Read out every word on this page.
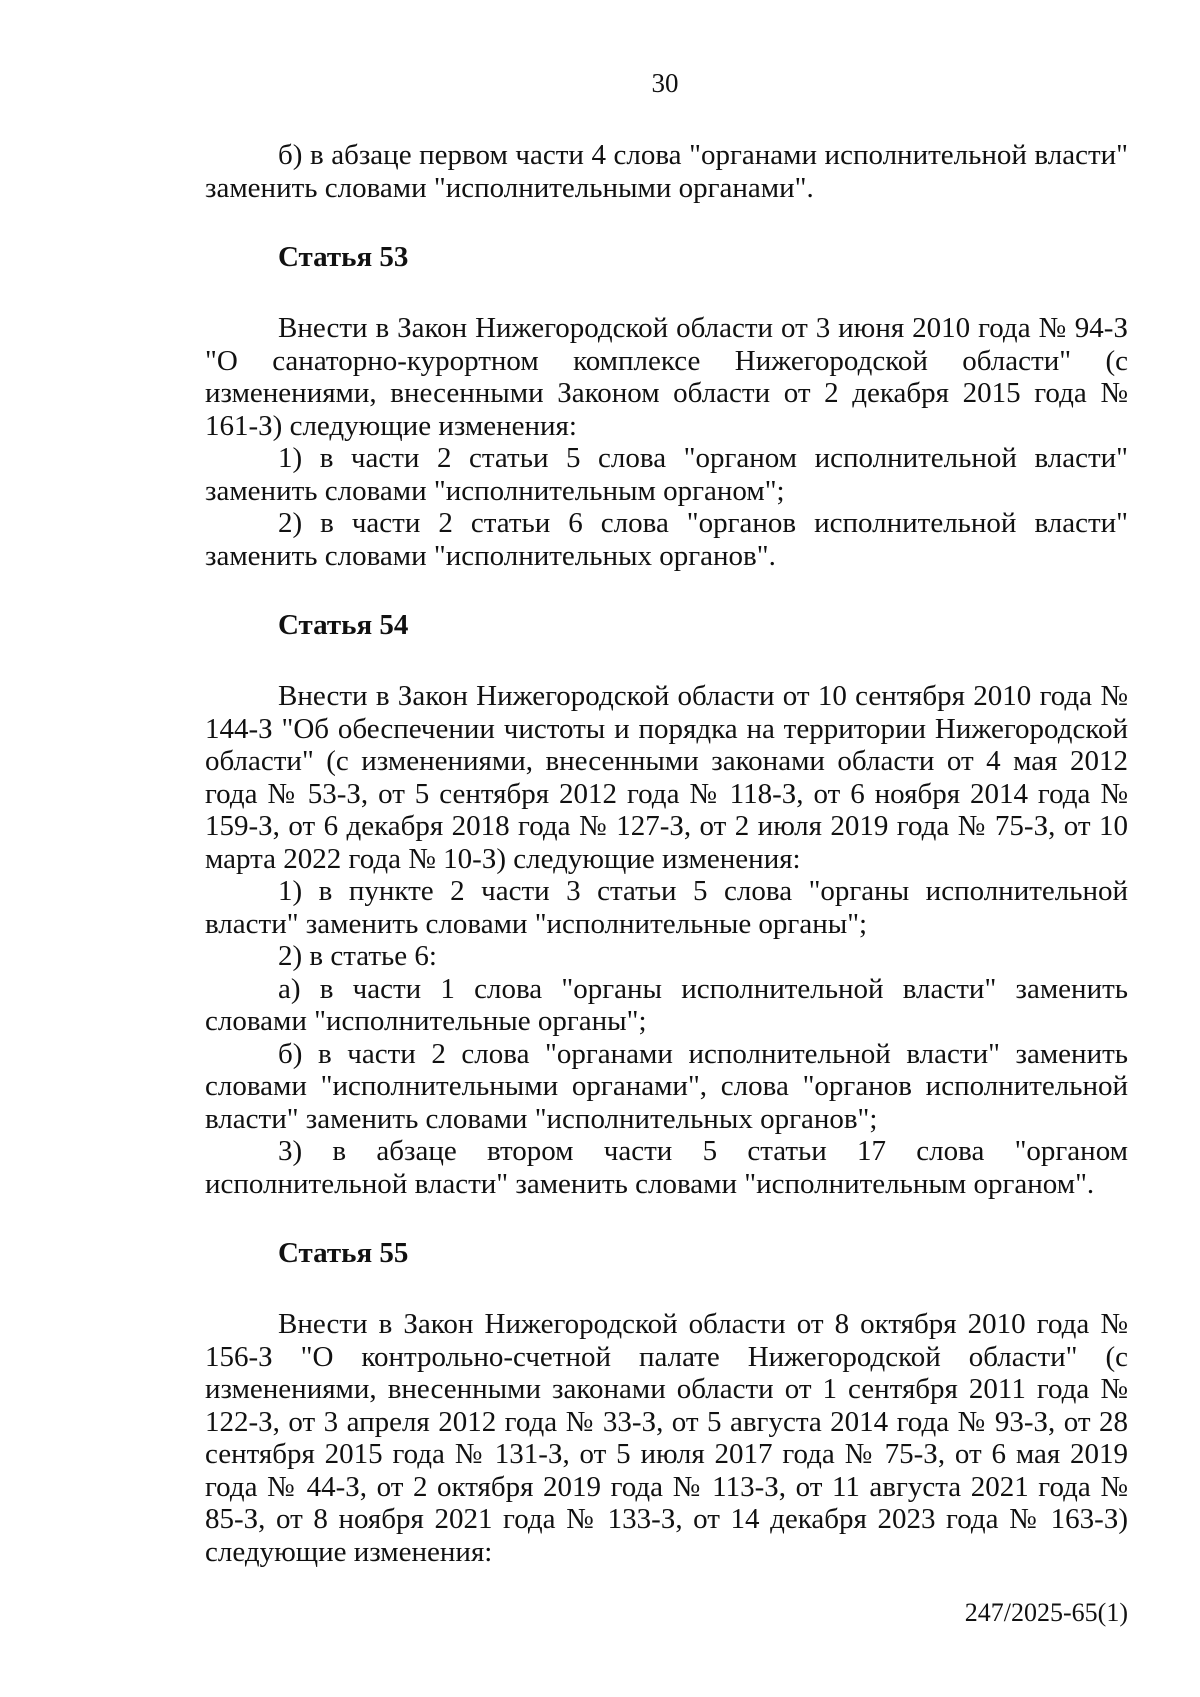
30

б) в абзаце первом части 4 слова "органами исполнительной власти" заменить словами "исполнительными органами".

Статья 53

Внести в Закон Нижегородской области от 3 июня 2010 года № 94-З "О санаторно-курортном комплексе Нижегородской области" (с изменениями, внесенными Законом области от 2 декабря 2015 года № 161-З) следующие изменения:

1) в части 2 статьи 5 слова "органом исполнительной власти" заменить словами "исполнительным органом";

2) в части 2 статьи 6 слова "органов исполнительной власти" заменить словами "исполнительных органов".

Статья 54

Внести в Закон Нижегородской области от 10 сентября 2010 года № 144-З "Об обеспечении чистоты и порядка на территории Нижегородской области" (с изменениями, внесенными законами области от 4 мая 2012 года № 53-З, от 5 сентября 2012 года № 118-З, от 6 ноября 2014 года № 159-З, от 6 декабря 2018 года № 127-З, от 2 июля 2019 года № 75-З, от 10 марта 2022 года № 10-З) следующие изменения:

1) в пункте 2 части 3 статьи 5 слова "органы исполнительной власти" заменить словами "исполнительные органы";

2) в статье 6:

а) в части 1 слова "органы исполнительной власти" заменить словами "исполнительные органы";

б) в части 2 слова "органами исполнительной власти" заменить словами "исполнительными органами", слова "органов исполнительной власти" заменить словами "исполнительных органов";

3) в абзаце втором части 5 статьи 17 слова "органом исполнительной власти" заменить словами "исполнительным органом".

Статья 55

Внести в Закон Нижегородской области от 8 октября 2010 года № 156-З "О контрольно-счетной палате Нижегородской области" (с изменениями, внесенными законами области от 1 сентября 2011 года № 122-З, от 3 апреля 2012 года № 33-З, от 5 августа 2014 года № 93-З, от 28 сентября 2015 года № 131-З, от 5 июля 2017 года № 75-З, от 6 мая 2019 года № 44-З, от 2 октября 2019 года № 113-З, от 11 августа 2021 года № 85-З, от 8 ноября 2021 года № 133-З, от 14 декабря 2023 года № 163-З) следующие изменения:

247/2025-65(1)
